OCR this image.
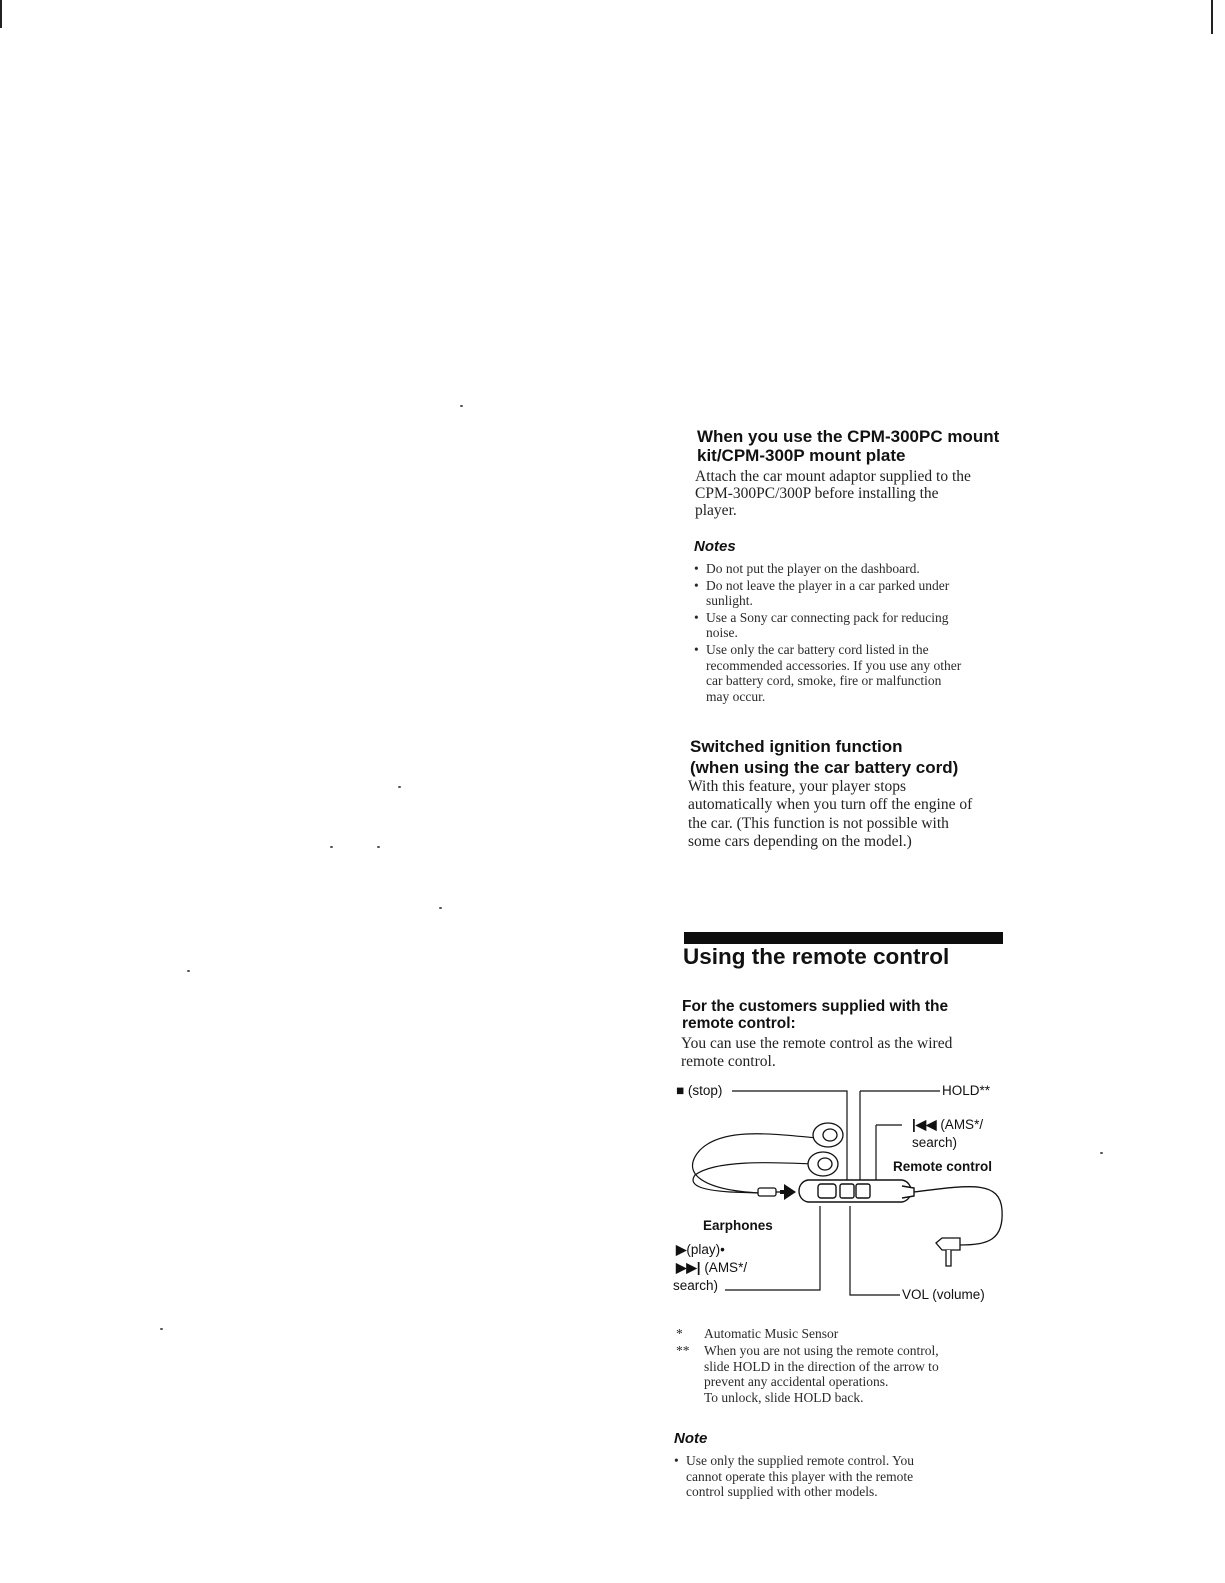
When you use the CPM-300PC mount
kit/CPM-300P mount plate

Attach the car mount adaptor supplied to the

CPM-300PC/300P before installing the

player.

Notes

• Do not put the player on the dashboard.
• Do not leave the player in a car parked under
sunlight.
• Use a Sony car connecting pack for reducing
noise.
• Use only the car battery cord listed in the
recommended accessories. If you use any other
car battery cord, smoke, fire or malfunction
may occur.
Switched ignition function
(when using the car battery cord)

With this feature, your player stops

automatically when you turn off the engine of

the car. (This function is not possible with

some cars depending on the model.)

Using the remote control
For the customers supplied with the
remote control:

You can use the remote control as the wired

remote control.

■ (stop)	HOLD**
|◀◀ (AMS*/
search)
Remote control
Earphones
▶(play)•
▶▶| (AMS*/
search)
VOL (volume)
* Automatic Music Sensor
** When you are not using the remote control,
slide HOLD in the direction of the arrow to
prevent any accidental operations.
To unlock, slide HOLD back.

Note

• Use only the supplied remote control. You
cannot operate this player with the remote
control supplied with other models.
